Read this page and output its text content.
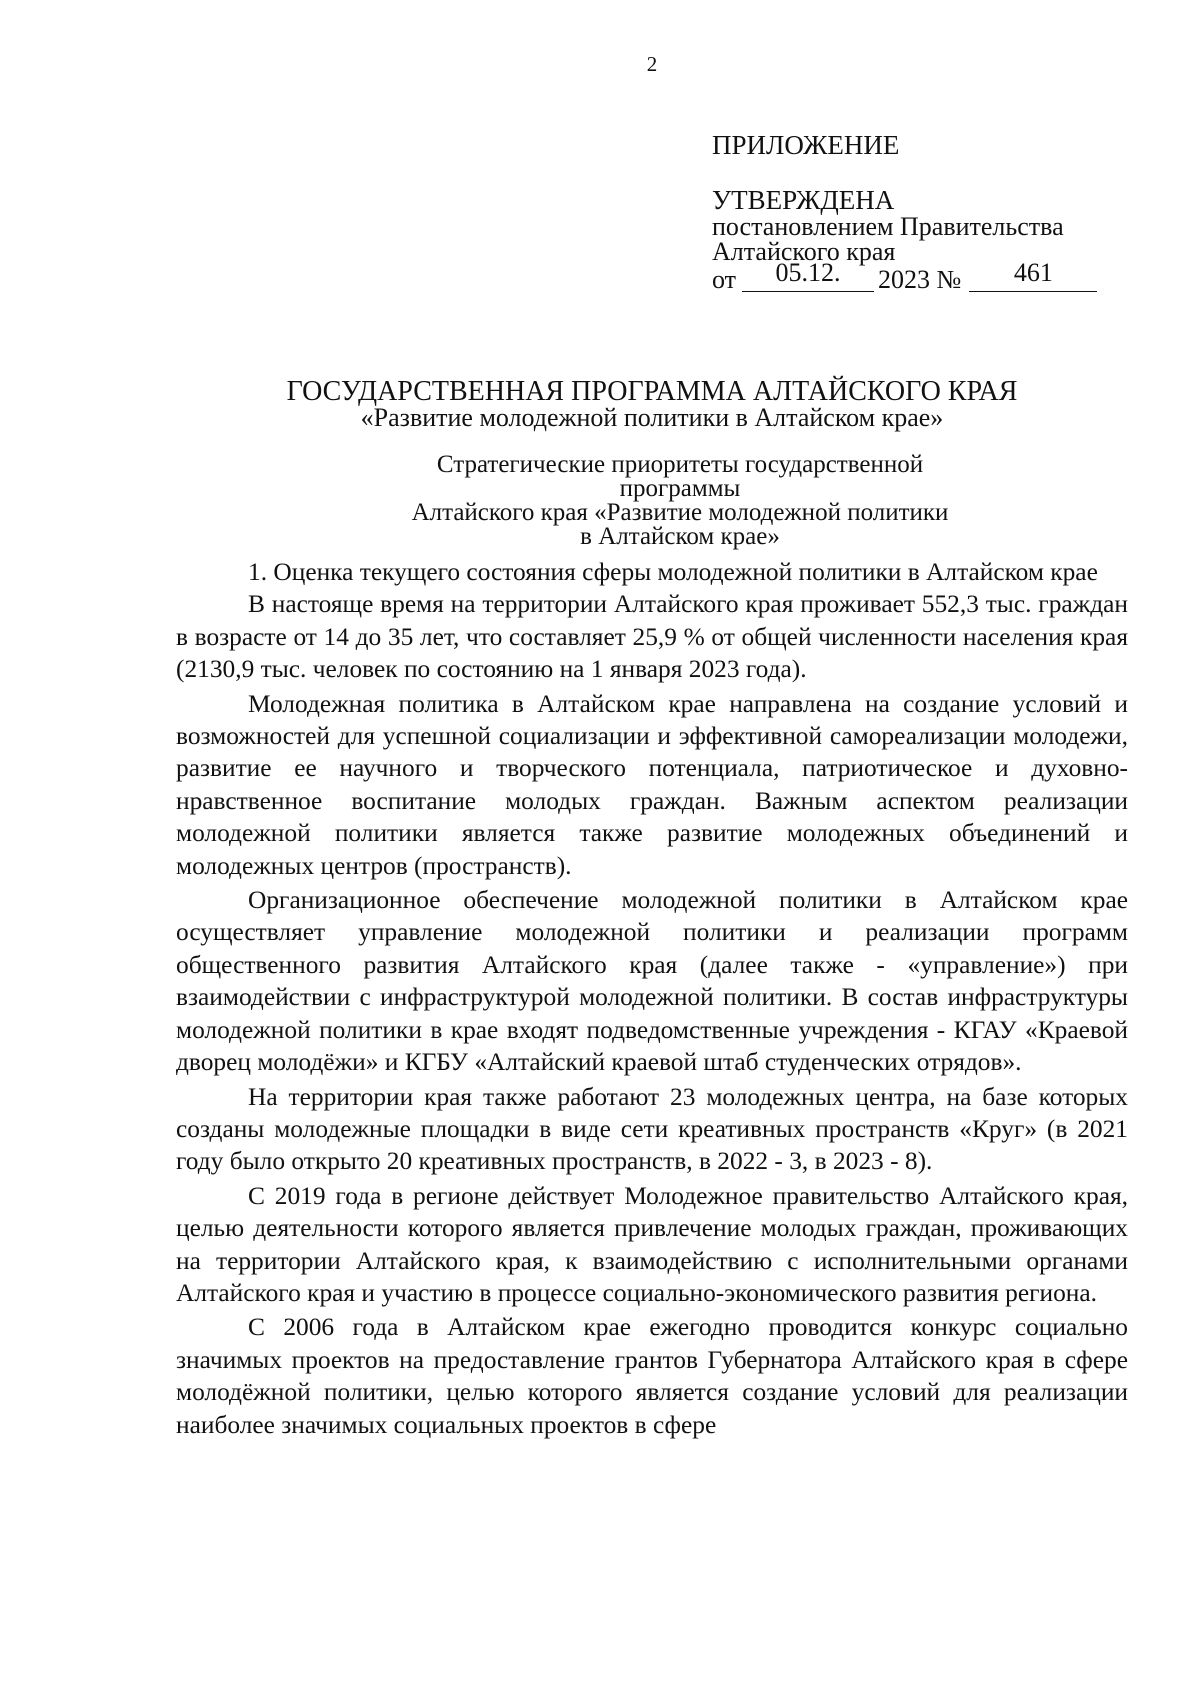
2
ПРИЛОЖЕНИЕ
УТВЕРЖДЕНА
постановлением Правительства
Алтайского края
от	05.12.	2023 №	461
ГОСУДАРСТВЕННАЯ ПРОГРАММА АЛТАЙСКОГО КРАЯ
«Развитие молодежной политики в Алтайском крае»
Стратегические приоритеты государственной программы
Алтайского края «Развитие молодежной политики
в Алтайском крае»

1. Оценка текущего состояния сферы молодежной политики в Алтайском крае

В настояще время на территории Алтайского края проживает 552,3 тыс. граждан в возрасте от 14 до 35 лет, что составляет 25,9 % от общей численности населения края (2130,9 тыс. человек по состоянию на 1 января 2023 года).

Молодежная политика в Алтайском крае направлена на создание условий и возможностей для успешной социализации и эффективной самореализации молодежи, развитие ее научного и творческого потенциала, патриотическое и духовно-нравственное воспитание молодых граждан. Важным аспектом реализации молодежной политики является также развитие молодежных объединений и молодежных центров (пространств).

Организационное обеспечение молодежной политики в Алтайском крае осуществляет управление молодежной политики и реализации программ общественного развития Алтайского края (далее также - «управление») при взаимодействии с инфраструктурой молодежной политики. В состав инфраструктуры молодежной политики в крае входят подведомственные учреждения - КГАУ «Краевой дворец молодёжи» и КГБУ «Алтайский краевой штаб студенческих отрядов».

На территории края также работают 23 молодежных центра, на базе которых созданы молодежные площадки в виде сети креативных пространств «Круг» (в 2021 году было открыто 20 креативных пространств, в 2022 - 3, в 2023 - 8).

С 2019 года в регионе действует Молодежное правительство Алтайского края, целью деятельности которого является привлечение молодых граждан, проживающих на территории Алтайского края, к взаимодействию с исполнительными органами Алтайского края и участию в процессе социально-экономического развития региона.

С 2006 года в Алтайском крае ежегодно проводится конкурс социально значимых проектов на предоставление грантов Губернатора Алтайского края в сфере молодёжной политики, целью которого является создание условий для реализации наиболее значимых социальных проектов в сфере
